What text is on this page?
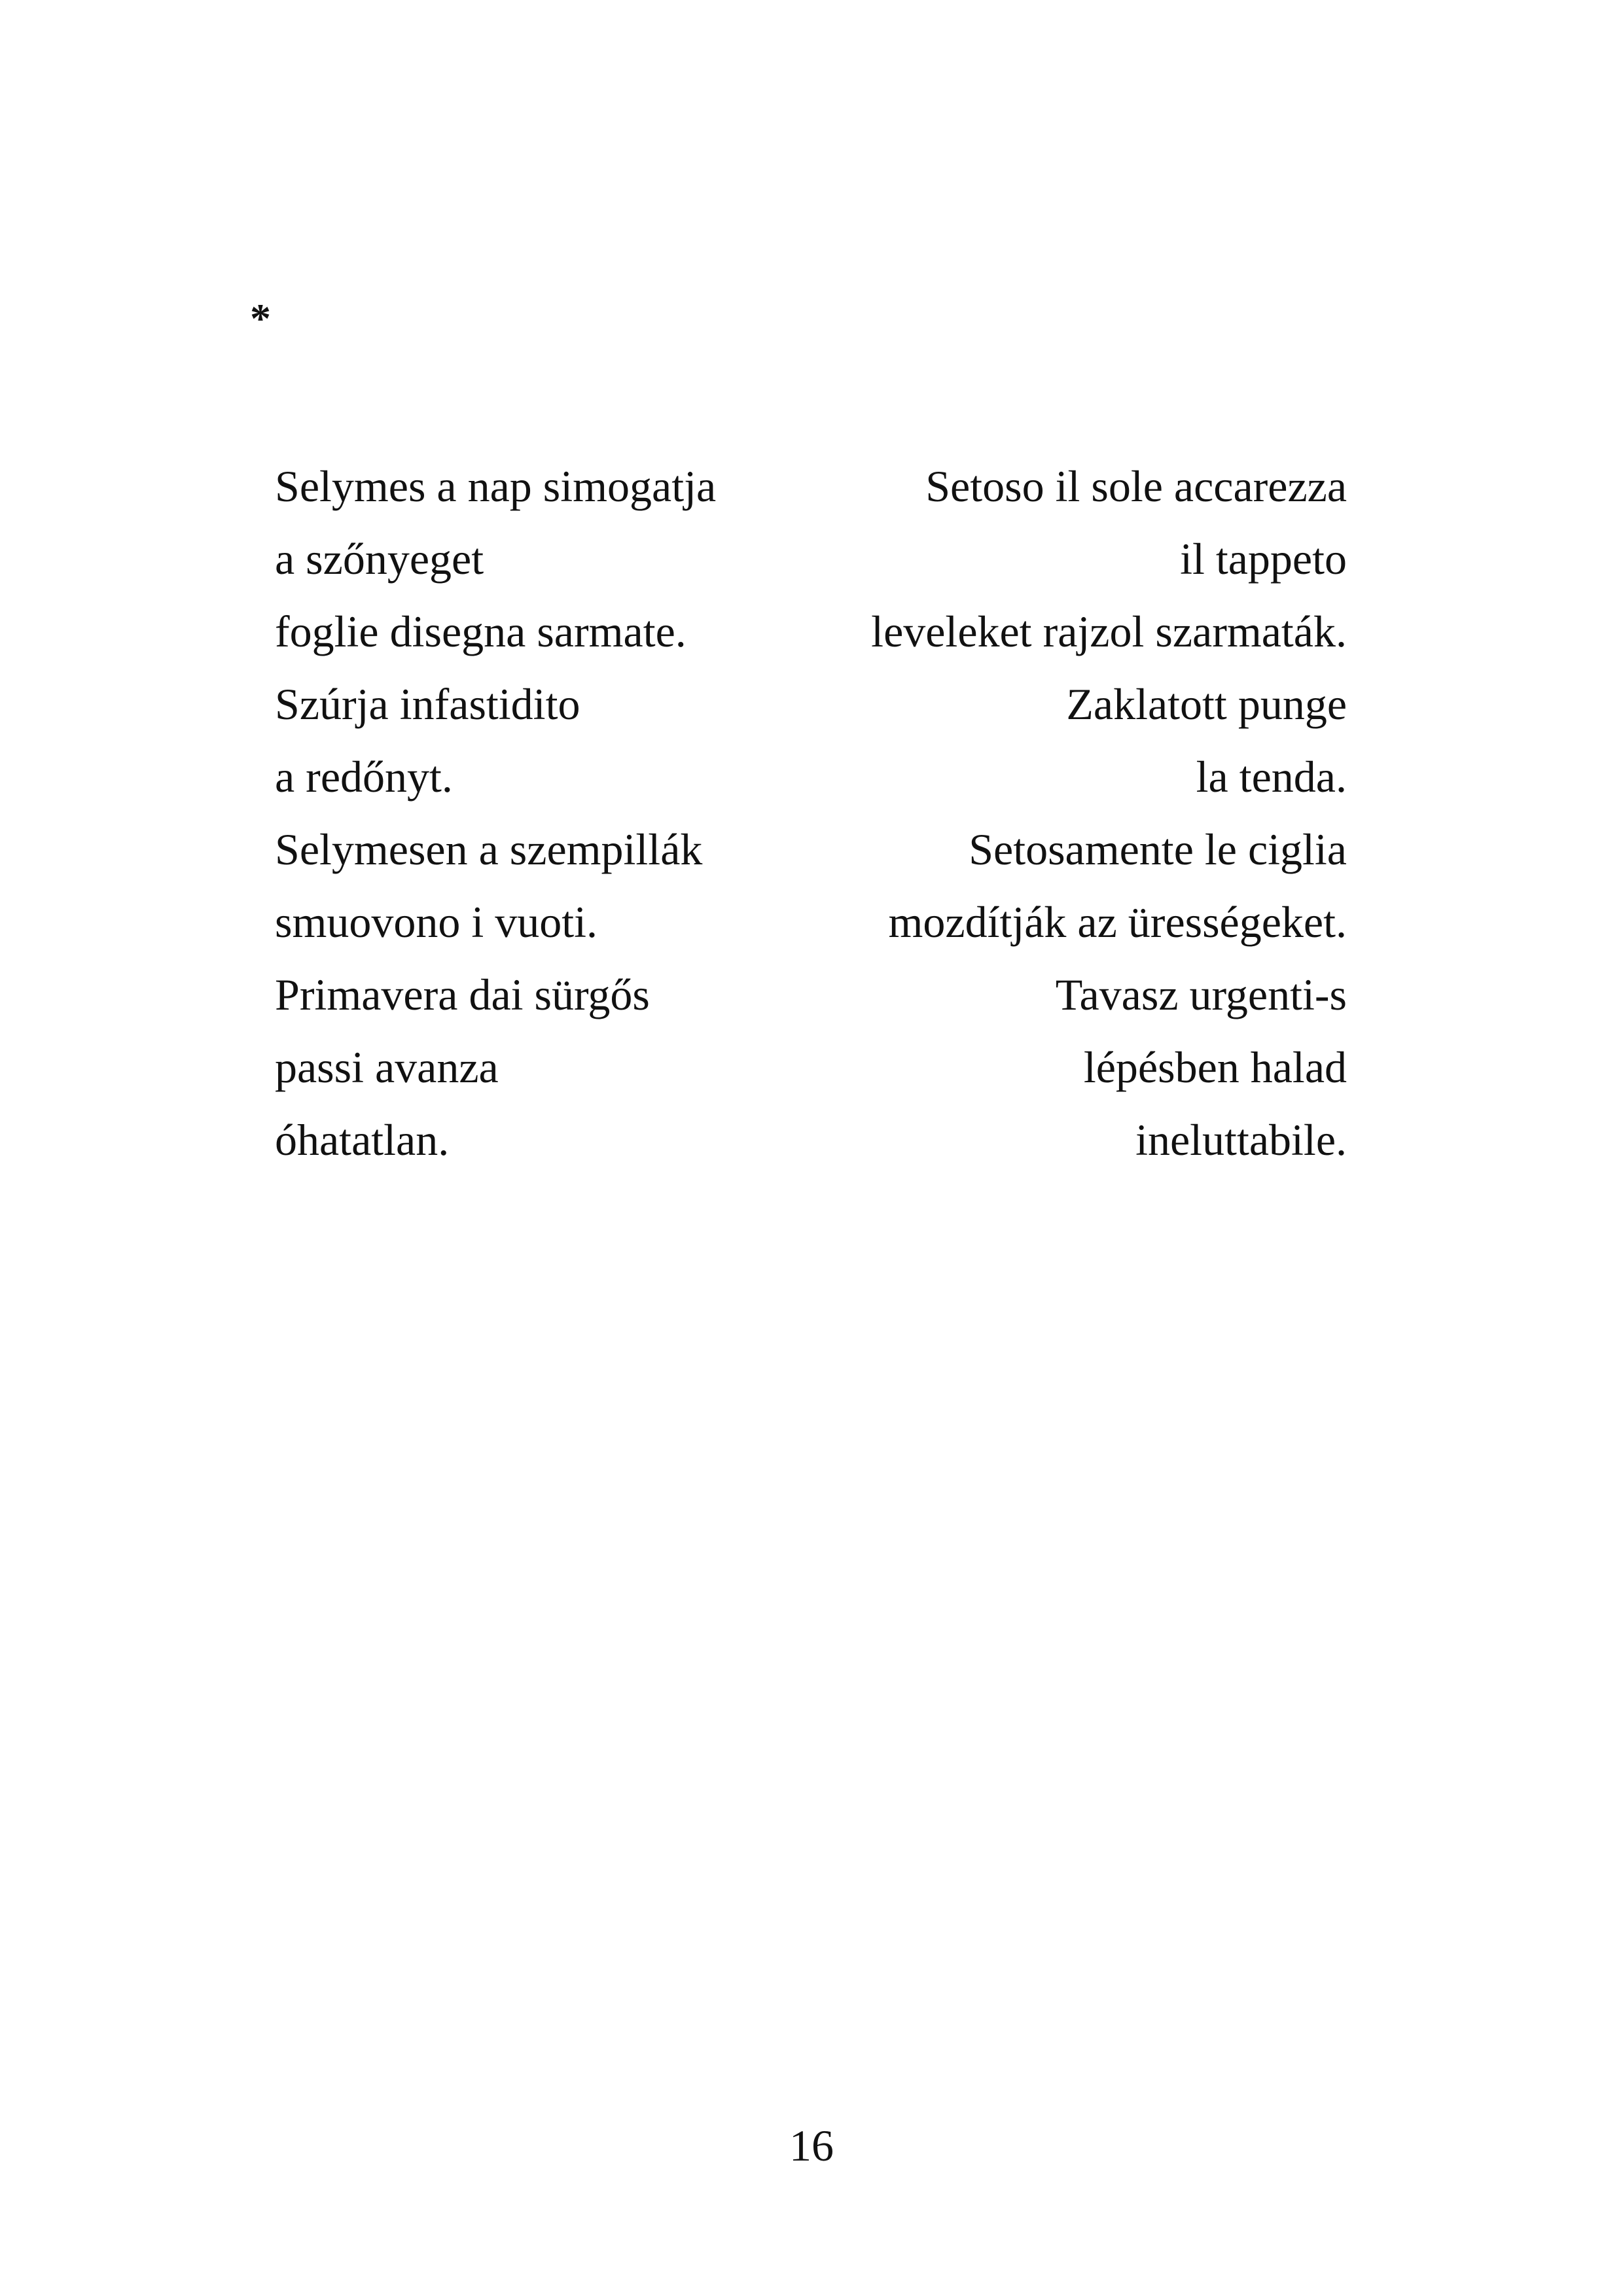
*
Selymes a nap simogatja
a szőnyeget
foglie disegna sarmate.
Szúrja infastidito
a redőnyt.
Selymesen a szempillák
smuovono i vuoti.
Primavera dai sürgős
passi avanza
óhatatlan.
Setoso il sole accarezza
il tappeto
leveleket rajzol szarmaták.
Zaklatott punge
la tenda.
Setosamente le ciglia
mozdítják az ürességeket.
Tavasz urgenti-s
lépésben halad
ineluttabile.
16
